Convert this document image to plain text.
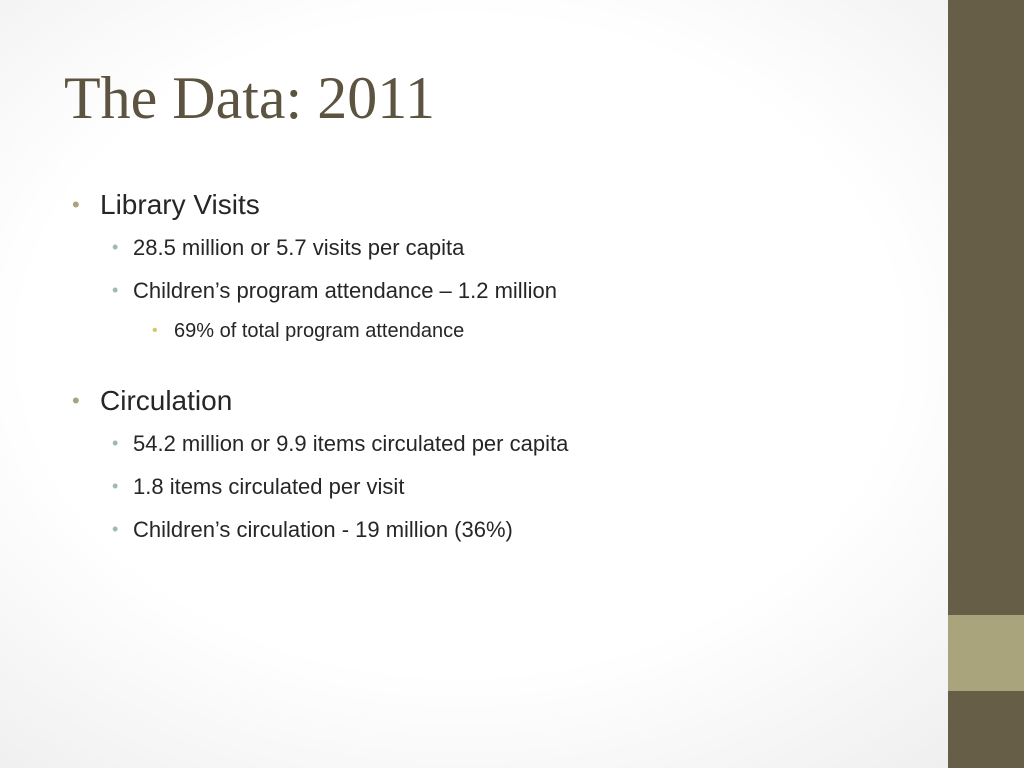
The Data: 2011
• Library Visits
• 28.5 million or 5.7 visits per capita
• Children’s program attendance – 1.2 million
• 69% of total program attendance
• Circulation
• 54.2 million or 9.9 items circulated per capita
• 1.8 items circulated per visit
• Children’s circulation - 19 million (36%)
